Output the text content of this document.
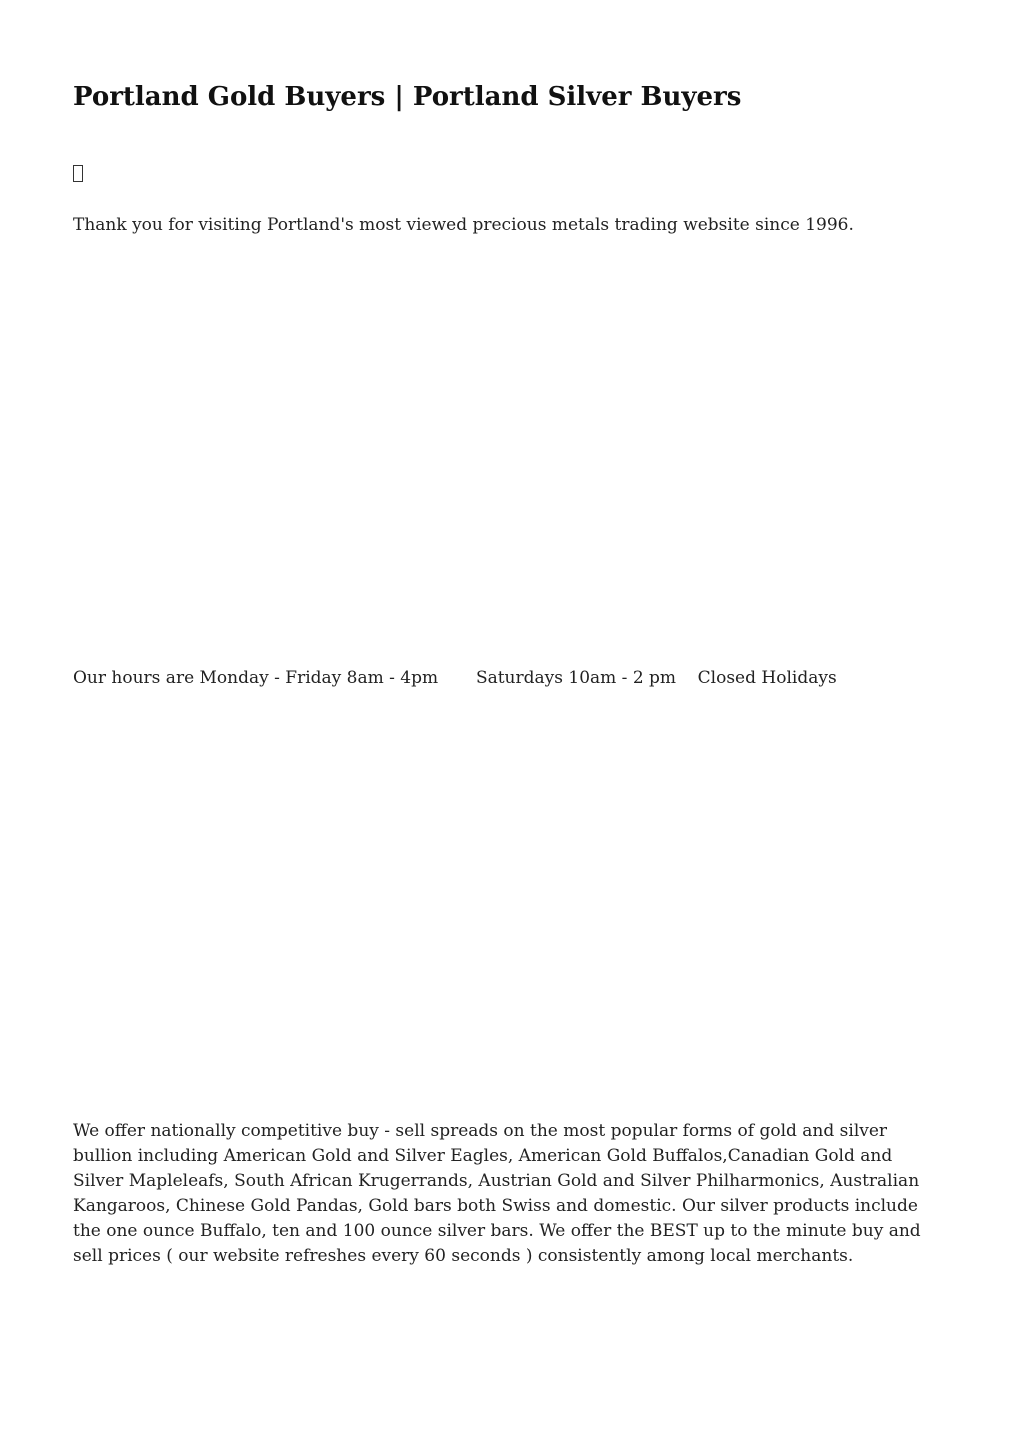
Portland Gold Buyers | Portland Silver Buyers

Thank you for visiting Portland's most viewed precious metals trading website since 1996.

Our hours are Monday - Friday 8am - 4pm       Saturdays 10am - 2 pm    Closed Holidays

We offer nationally competitive buy - sell spreads on the most popular forms of gold and silver
bullion including American Gold and Silver Eagles, American Gold Buffalos,Canadian Gold and
Silver Mapleleafs, South African Krugerrands, Austrian Gold and Silver Philharmonics, Australian
Kangaroos, Chinese Gold Pandas, Gold bars both Swiss and domestic. Our silver products include
the one ounce Buffalo, ten and 100 ounce silver bars. We offer the BEST up to the minute buy and
sell prices ( our website refreshes every 60 seconds ) consistently among local merchants.
